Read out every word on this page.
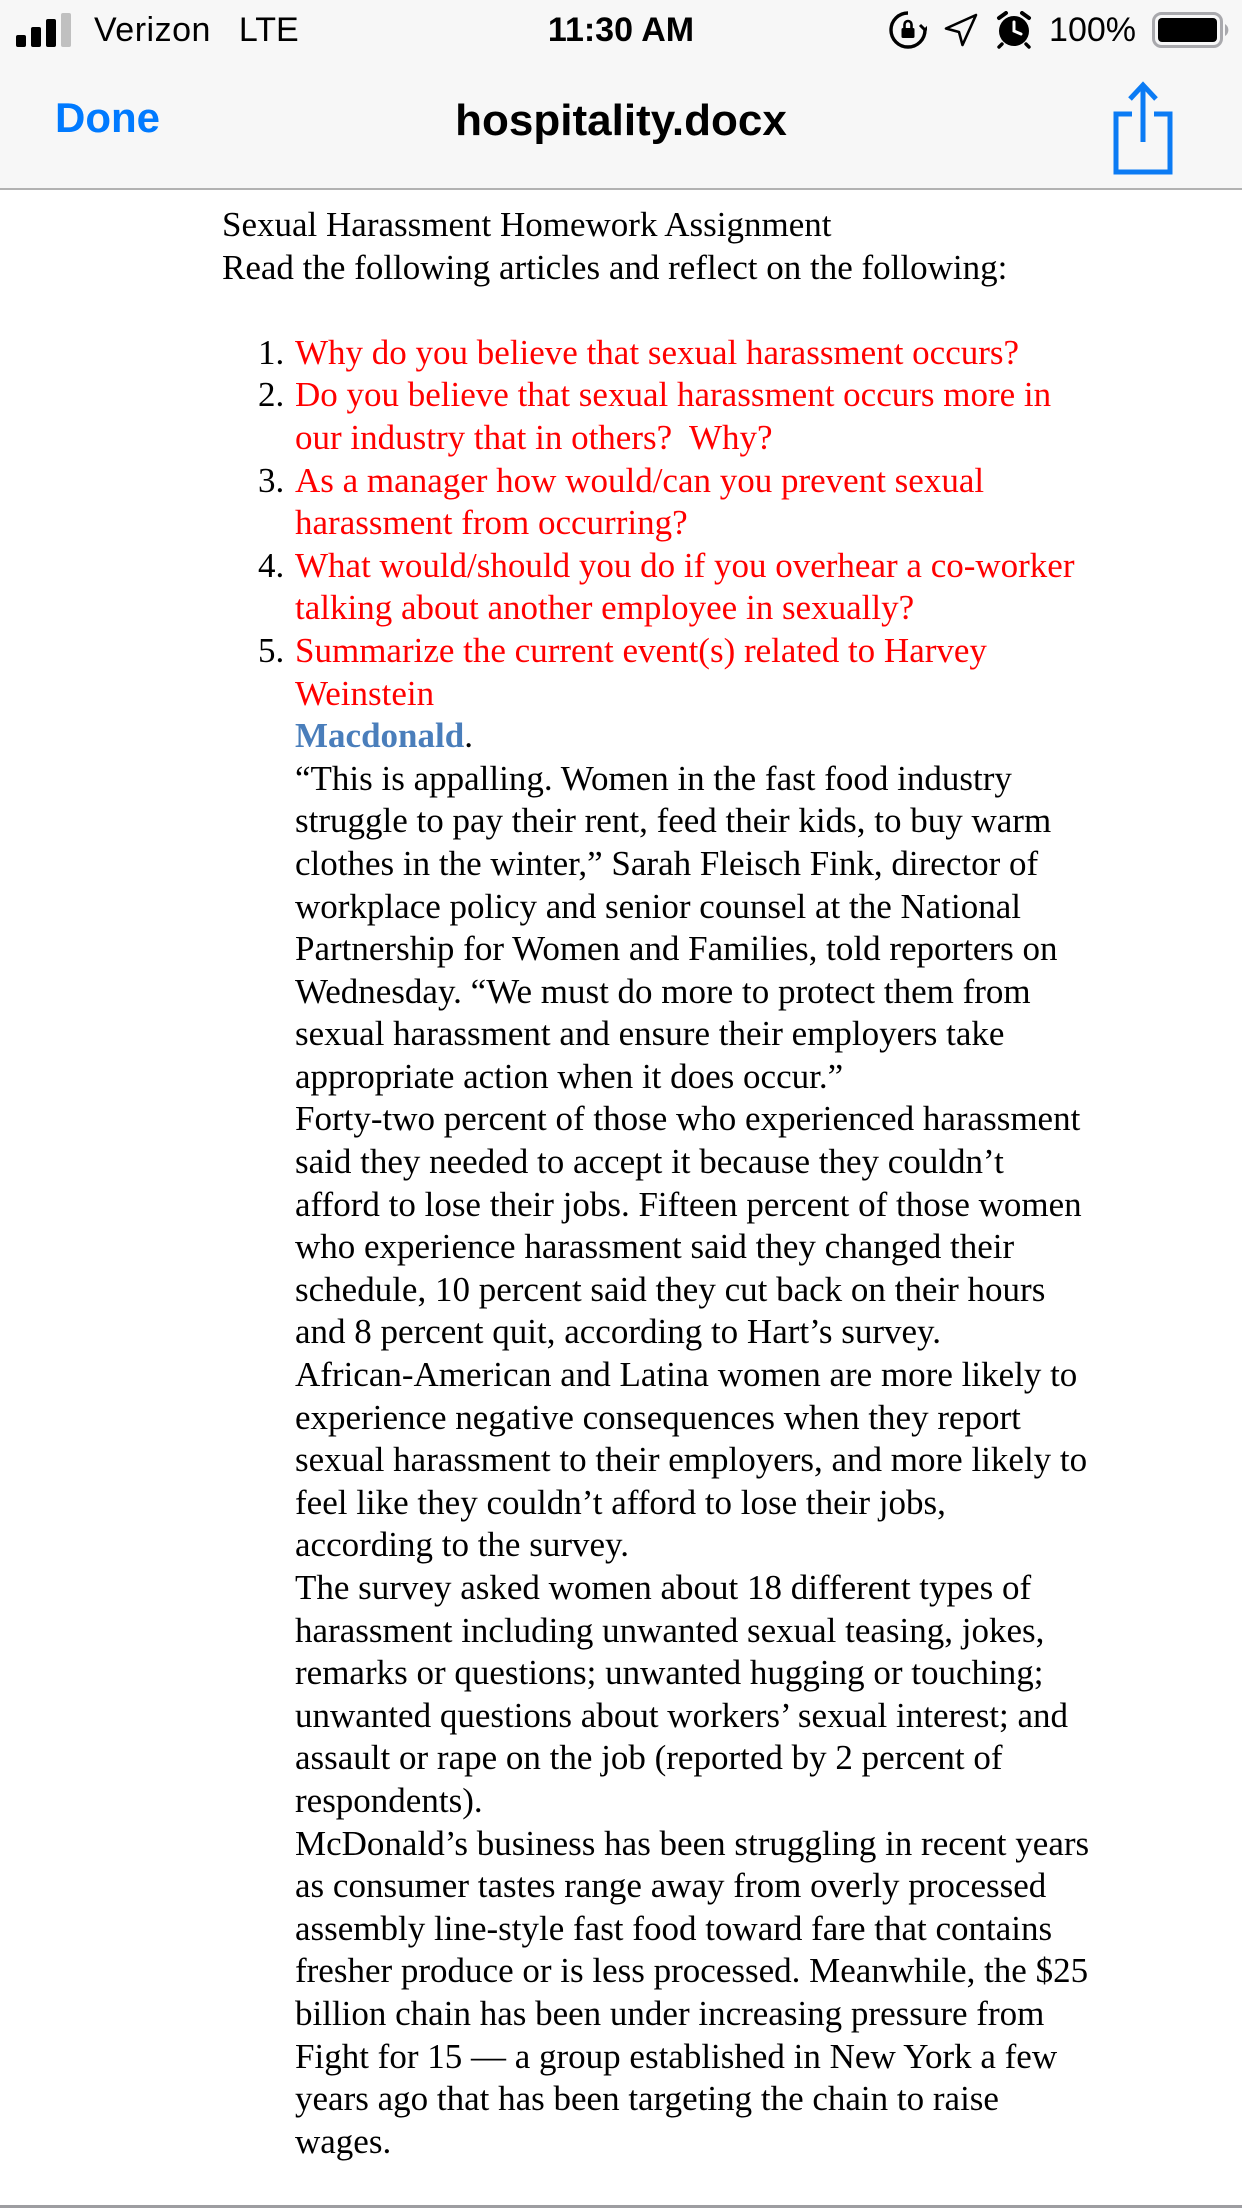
Verizon LTE	11:30 AM	100%
Done	hospitality.docx

Sexual Harassment Homework Assignment

Read the following articles and reflect on the following:

1. Why do you believe that sexual harassment occurs?
2. Do you believe that sexual harassment occurs more in our industry that in others?  Why?
3. As a manager how would/can you prevent sexual harassment from occurring?
4. What would/should you do if you overhear a co-worker talking about another employee in sexually?
5. Summarize the current event(s) related to Harvey Weinstein
Macdonald.

“This is appalling. Women in the fast food industry struggle to pay their rent, feed their kids, to buy warm clothes in the winter,” Sarah Fleisch Fink, director of workplace policy and senior counsel at the National Partnership for Women and Families, told reporters on Wednesday. “We must do more to protect them from sexual harassment and ensure their employers take appropriate action when it does occur.”

Forty-two percent of those who experienced harassment said they needed to accept it because they couldn’t afford to lose their jobs. Fifteen percent of those women who experience harassment said they changed their schedule, 10 percent said they cut back on their hours and 8 percent quit, according to Hart’s survey.

African-American and Latina women are more likely to experience negative consequences when they report sexual harassment to their employers, and more likely to feel like they couldn’t afford to lose their jobs, according to the survey.

The survey asked women about 18 different types of harassment including unwanted sexual teasing, jokes, remarks or questions; unwanted hugging or touching; unwanted questions about workers’ sexual interest; and assault or rape on the job (reported by 2 percent of respondents).

McDonald’s business has been struggling in recent years as consumer tastes range away from overly processed assembly line-style fast food toward fare that contains fresher produce or is less processed. Meanwhile, the $25 billion chain has been under increasing pressure from Fight for 15 — a group established in New York a few years ago that has been targeting the chain to raise wages.
